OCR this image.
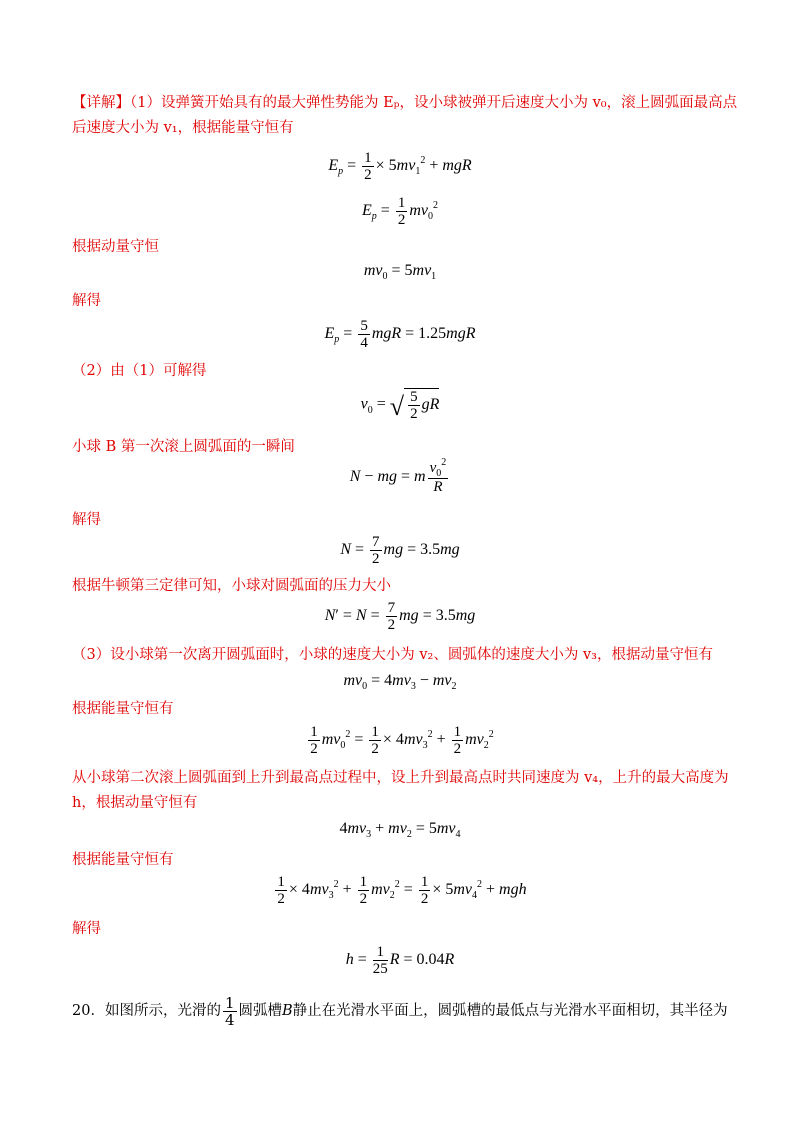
【详解】（1）设弹簧开始具有的最大弹性势能为 Eₚ，设小球被弹开后速度大小为 v₀，滚上圆弧面最高点
后速度大小为 v₁，根据能量守恒有
$E_p = \frac{1}{2} \times 5mv_1^2$ + mgR
$E_p = \frac{1}{2} mv_0^2$
根据动量守恒
$mv_0 = 5mv_1$
解得
$E_p = \frac{5}{4}$ mgR = 1.25mgR
（2）由（1）可解得
$v_0$ = √ $\frac{5}{2}$ gR
小球 B 第一次滚上圆弧面的一瞬间
N − mg = m $\frac{v_0^2}{R}$
解得
$N = \frac{7}{2}$ mg = 3.5mg
根据牛顿第三定律可知，小球对圆弧面的压力大小
$N' = N = \frac{7}{2}$ mg = 3.5mg
（3）设小球第一次离开圆弧面时，小球的速度大小为 v₂、圆弧体的速度大小为 v₃，根据动量守恒有
$mv_0 = 4mv_3 - mv_2$
根据能量守恒有
$\frac{1}{2} mv_0^2 = \frac{1}{2} \times 4mv_3^2 + \frac{1}{2} mv_2^2$
从小球第二次滚上圆弧面到上升到最高点过程中，设上升到最高点时共同速度为 v₄，上升的最大高度为
h，根据动量守恒有
$4mv_3 + mv_2 = 5mv_4$
根据能量守恒有
$\frac{1}{2} \times 4mv_3^2 + \frac{1}{2} mv_2^2 = \frac{1}{2} \times 5mv_4^2$ + mgh
解得
$h = \frac{1}{25}$ R = 0.04R
20．如图所示，光滑的 $\frac{1}{4}$ 圆弧槽B静止在光滑水平面上，圆弧槽的最低点与光滑水平面相切，其半径为
